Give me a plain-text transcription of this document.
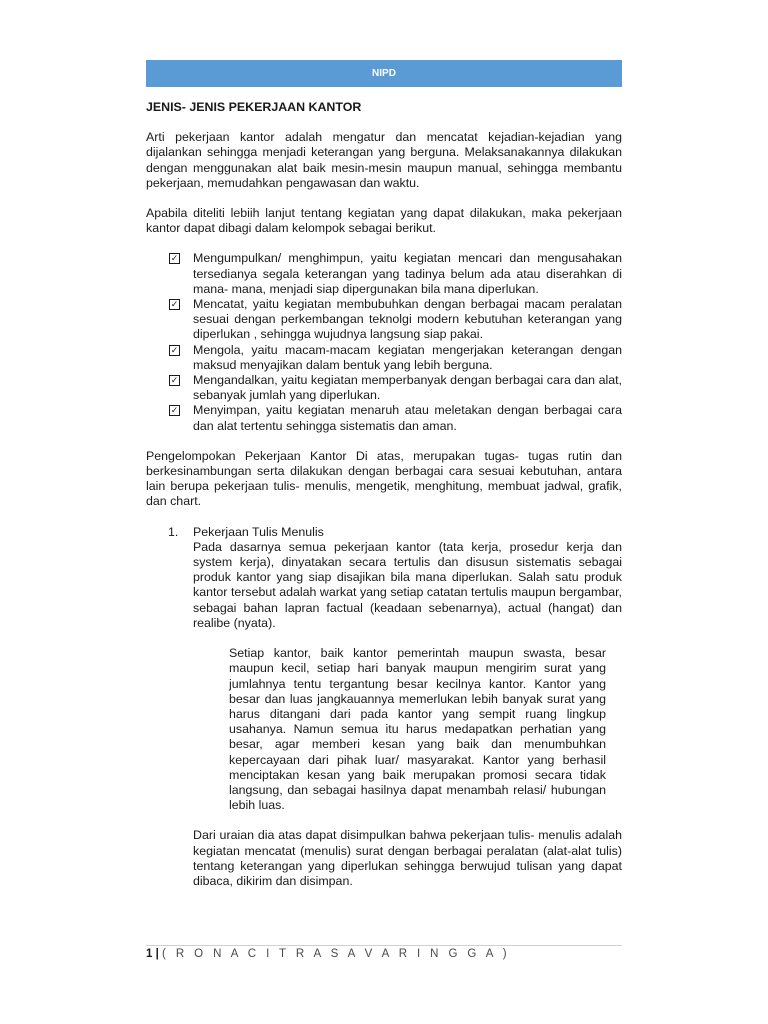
NIPD
JENIS- JENIS PEKERJAAN KANTOR

Arti pekerjaan kantor adalah mengatur dan mencatat kejadian-kejadian yang dijalankan sehingga menjadi keterangan yang berguna. Melaksanakannya dilakukan dengan menggunakan alat baik mesin-mesin maupun manual, sehingga membantu pekerjaan, memudahkan pengawasan dan waktu.

Apabila diteliti lebiih lanjut tentang kegiatan yang dapat dilakukan, maka pekerjaan kantor dapat dibagi dalam kelompok sebagai berikut.

✓ Mengumpulkan/ menghimpun, yaitu kegiatan mencari dan mengusahakan tersedianya segala keterangan yang tadinya belum ada atau diserahkan di mana- mana, menjadi siap dipergunakan bila mana diperlukan.
✓ Mencatat, yaitu kegiatan membubuhkan dengan berbagai macam peralatan sesuai dengan perkembangan teknolgi modern kebutuhan keterangan yang diperlukan , sehingga wujudnya langsung siap pakai.
✓ Mengola, yaitu macam-macam kegiatan mengerjakan keterangan dengan maksud menyajikan dalam bentuk yang lebih berguna.
✓ Mengandalkan, yaitu kegiatan memperbanyak dengan berbagai cara dan alat, sebanyak jumlah yang diperlukan.
✓ Menyimpan, yaitu kegiatan menaruh atau meletakan dengan berbagai cara dan alat tertentu sehingga sistematis dan aman.

Pengelompokan Pekerjaan Kantor Di atas, merupakan tugas- tugas rutin dan berkesinambungan serta dilakukan dengan berbagai cara sesuai kebutuhan, antara lain berupa pekerjaan tulis- menulis, mengetik, menghitung, membuat jadwal, grafik, dan chart.

1. Pekerjaan Tulis Menulis

Pada dasarnya semua pekerjaan kantor (tata kerja, prosedur kerja dan system kerja), dinyatakan secara tertulis dan disusun sistematis sebagai produk kantor yang siap disajikan bila mana diperlukan. Salah satu produk kantor tersebut adalah warkat yang setiap catatan tertulis maupun bergambar, sebagai bahan lapran factual (keadaan sebenarnya), actual (hangat) dan realibe (nyata).

Setiap kantor, baik kantor pemerintah maupun swasta, besar maupun kecil, setiap hari banyak maupun mengirim surat yang jumlahnya tentu tergantung besar kecilnya kantor. Kantor yang besar dan luas jangkauannya memerlukan lebih banyak surat yang harus ditangani dari pada kantor yang sempit ruang lingkup usahanya. Namun semua itu harus medapatkan perhatian yang besar, agar memberi kesan yang baik dan menumbuhkan kepercayaan dari pihak luar/ masyarakat. Kantor yang berhasil menciptakan kesan yang baik merupakan promosi secara tidak langsung, dan sebagai hasilnya dapat menambah relasi/ hubungan lebih luas.

Dari uraian dia atas dapat disimpulkan bahwa pekerjaan tulis- menulis adalah kegiatan mencatat (menulis) surat dengan berbagai peralatan (alat-alat tulis) tentang keterangan yang diperlukan sehingga berwujud tulisan yang dapat dibaca, dikirim dan disimpan.

1 | ( R O N A C I T R A S A V A R I N G G A )
